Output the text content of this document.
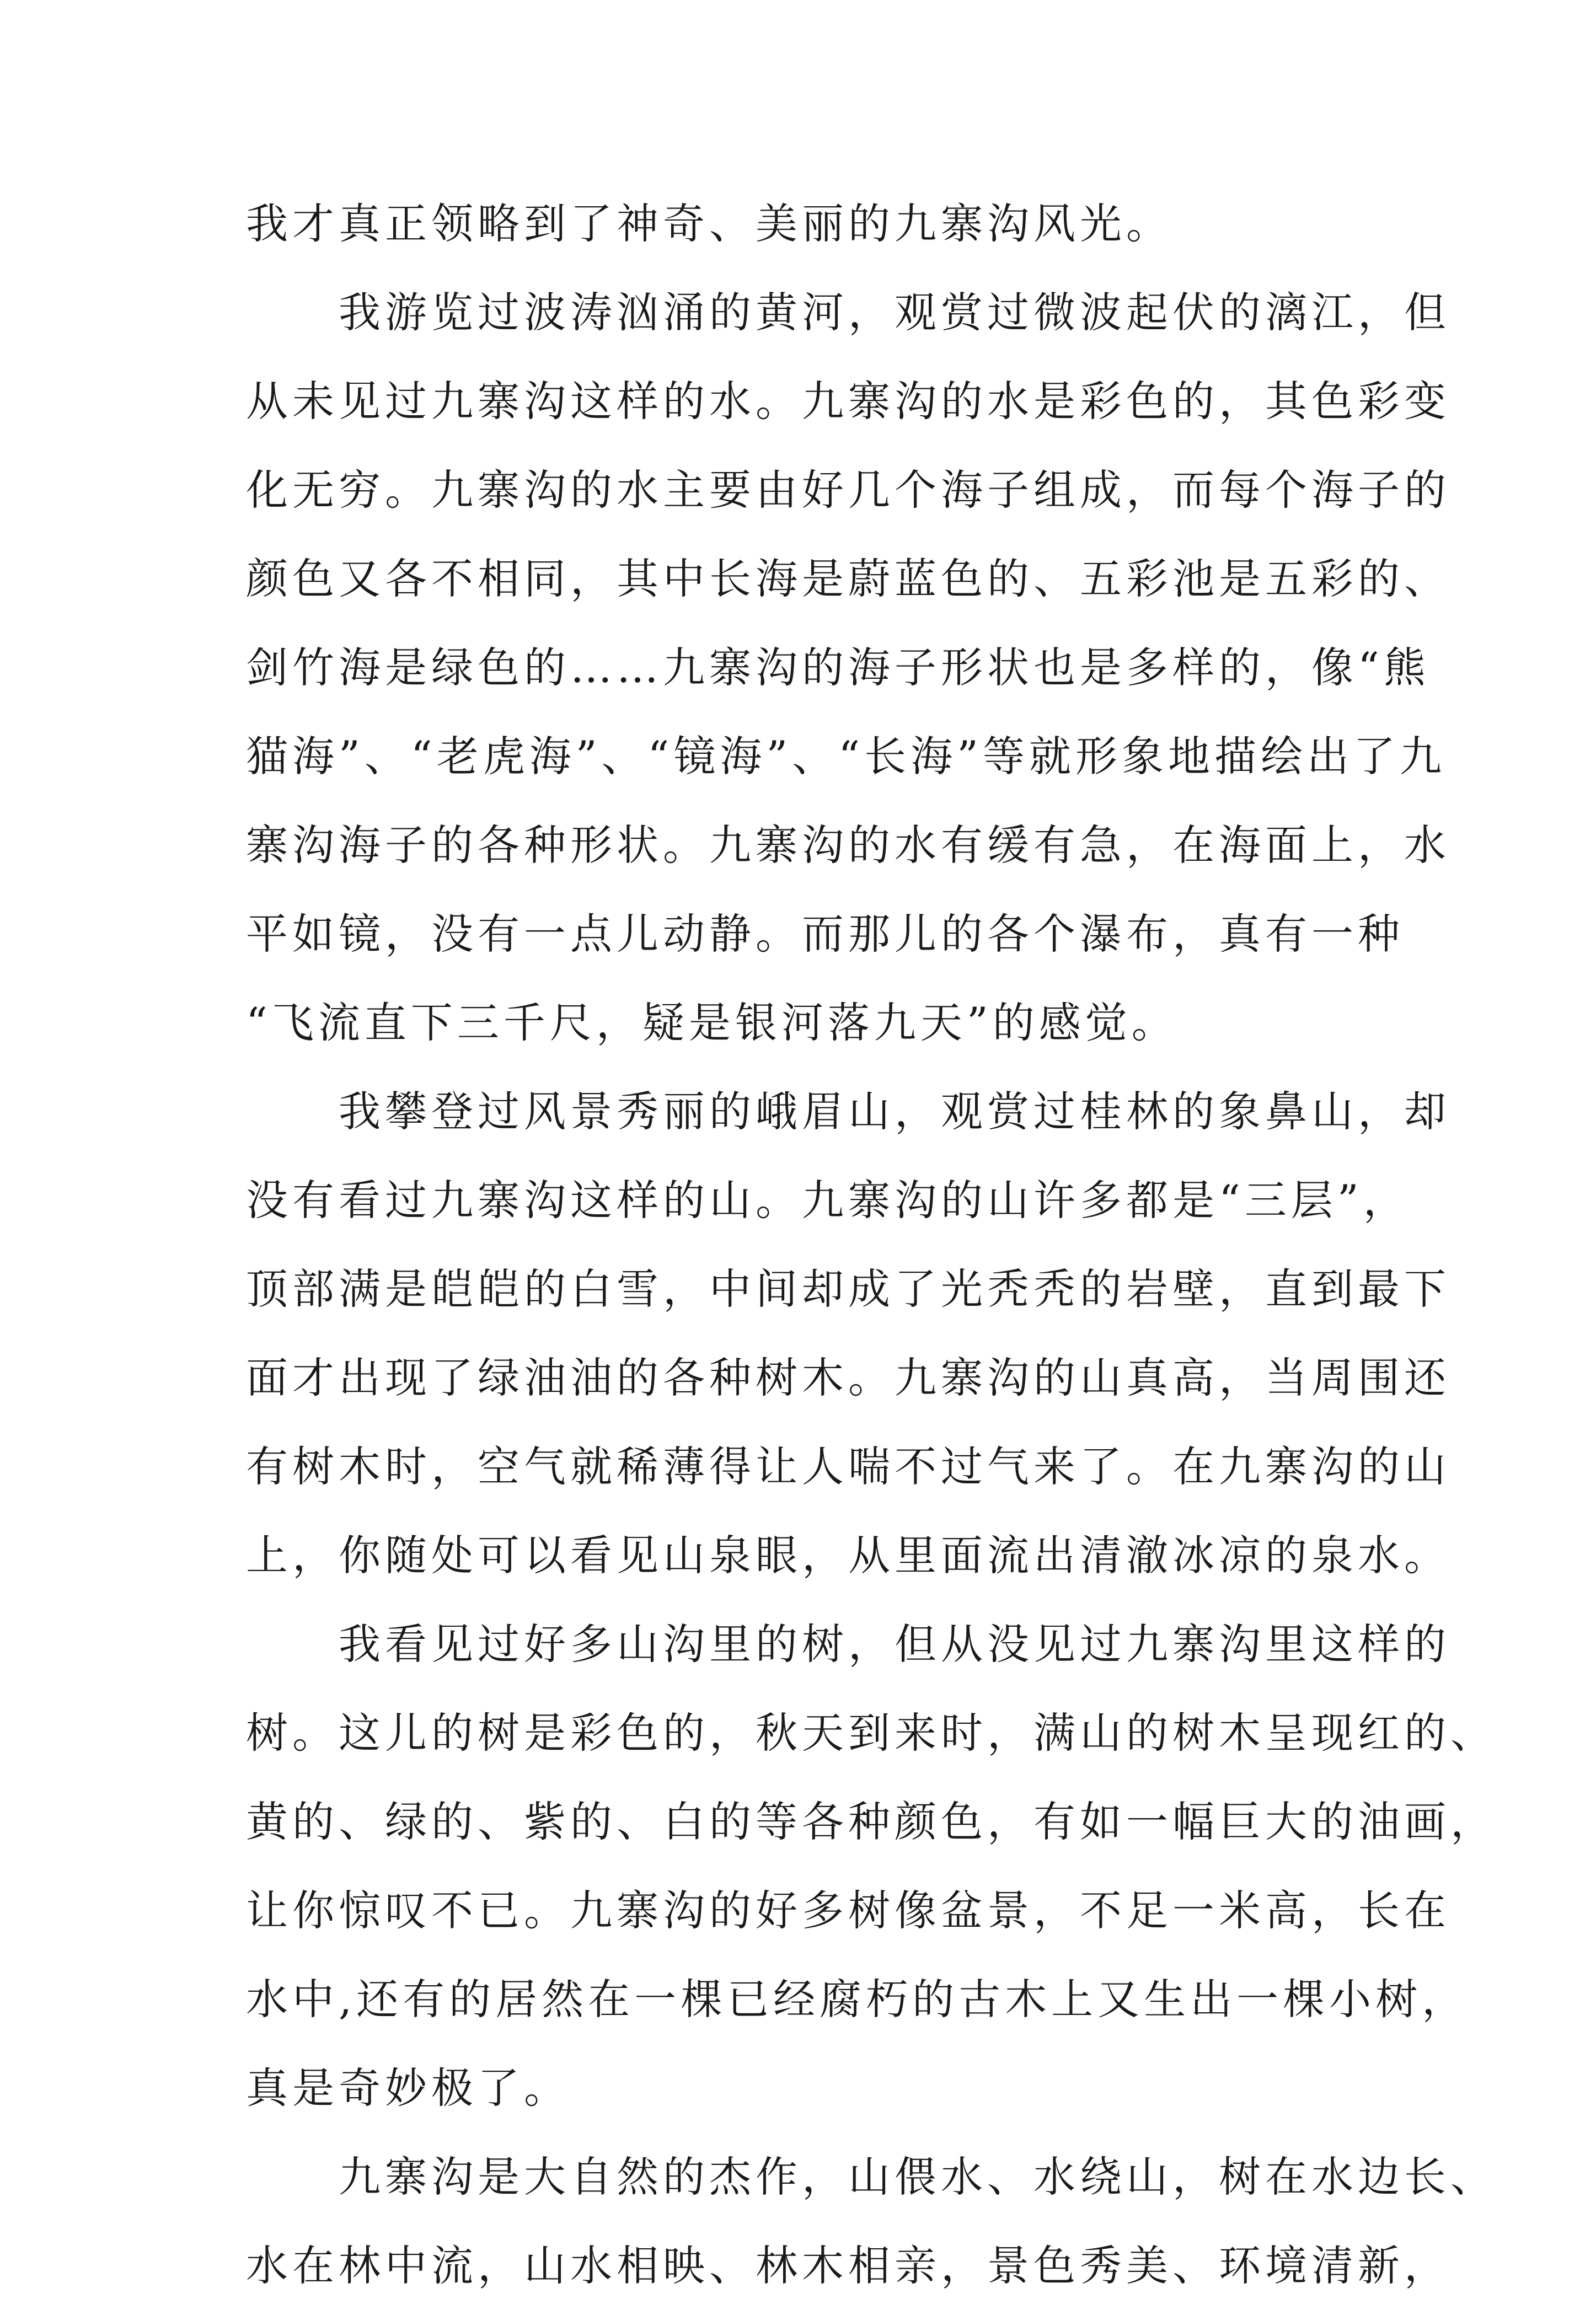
我才真正领略到了神奇、美丽的九寨沟风光。
　　我游览过波涛汹涌的黄河，观赏过微波起伏的漓江，但
从未见过九寨沟这样的水。九寨沟的水是彩色的，其色彩变
化无穷。九寨沟的水主要由好几个海子组成，而每个海子的
颜色又各不相同，其中长海是蔚蓝色的、五彩池是五彩的、
剑竹海是绿色的……九寨沟的海子形状也是多样的，像“熊
猫海”、“老虎海”、“镜海”、“长海”等就形象地描绘出了九
寨沟海子的各种形状。九寨沟的水有缓有急，在海面上，水
平如镜，没有一点儿动静。而那儿的各个瀑布，真有一种
“飞流直下三千尺，疑是银河落九天”的感觉。
　　我攀登过风景秀丽的峨眉山，观赏过桂林的象鼻山，却
没有看过九寨沟这样的山。九寨沟的山许多都是“三层”，
顶部满是皑皑的白雪，中间却成了光秃秃的岩壁，直到最下
面才出现了绿油油的各种树木。九寨沟的山真高，当周围还
有树木时，空气就稀薄得让人喘不过气来了。在九寨沟的山
上，你随处可以看见山泉眼，从里面流出清澈冰凉的泉水。
　　我看见过好多山沟里的树，但从没见过九寨沟里这样的
树。这儿的树是彩色的，秋天到来时，满山的树木呈现红的、
黄的、绿的、紫的、白的等各种颜色，有如一幅巨大的油画，
让你惊叹不已。九寨沟的好多树像盆景，不足一米高，长在
水中,还有的居然在一棵已经腐朽的古木上又生出一棵小树，
真是奇妙极了。
　　九寨沟是大自然的杰作，山偎水、水绕山，树在水边长、
水在林中流，山水相映、林木相亲，景色秀美、环境清新，
